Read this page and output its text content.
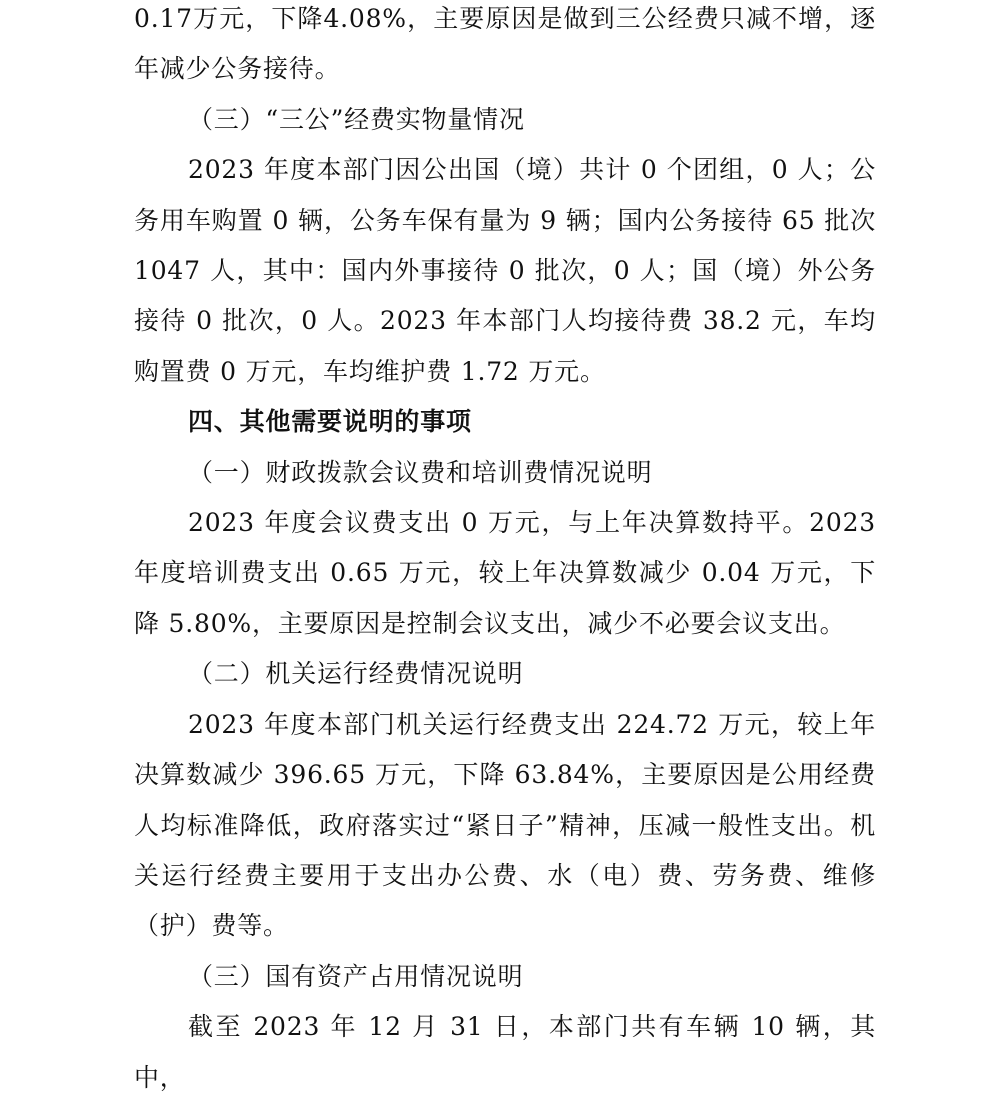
0.17万元，下降4.08%，主要原因是做到三公经费只减不增，逐年减少公务接待。

（三）“三公”经费实物量情况

2023 年度本部门因公出国（境）共计 0 个团组，0 人；公务用车购置 0 辆，公务车保有量为 9 辆；国内公务接待 65 批次 1047 人，其中：国内外事接待 0 批次，0 人；国（境）外公务接待 0 批次，0 人。2023 年本部门人均接待费 38.2 元，车均购置费 0 万元，车均维护费 1.72 万元。

四、其他需要说明的事项

（一）财政拨款会议费和培训费情况说明

2023 年度会议费支出 0 万元，与上年决算数持平。2023 年度培训费支出 0.65 万元，较上年决算数减少 0.04 万元，下降 5.80%，主要原因是控制会议支出，减少不必要会议支出。

（二）机关运行经费情况说明

2023 年度本部门机关运行经费支出 224.72 万元，较上年决算数减少 396.65 万元，下降 63.84%，主要原因是公用经费人均标准降低，政府落实过“紧日子”精神，压减一般性支出。机关运行经费主要用于支出办公费、水（电）费、劳务费、维修（护）费等。

（三）国有资产占用情况说明

截至 2023 年 12 月 31 日，本部门共有车辆 10 辆，其中，
